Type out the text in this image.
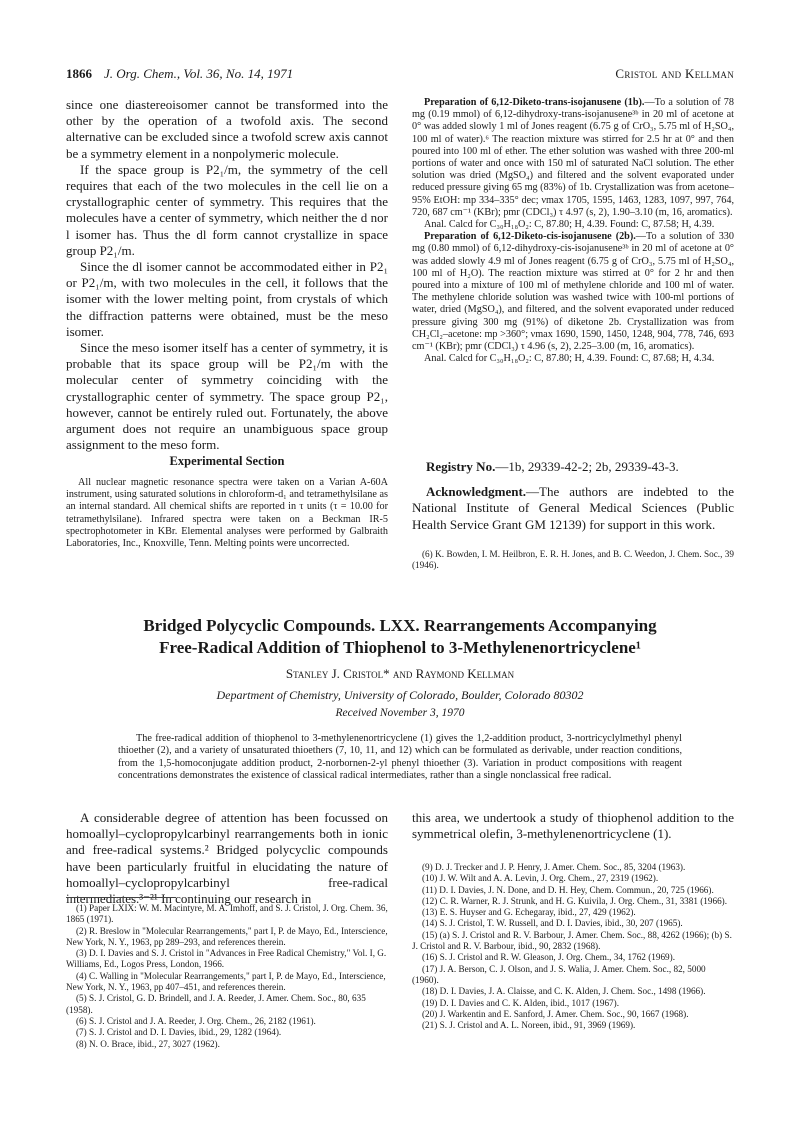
1866 J. Org. Chem., Vol. 36, No. 14, 1971	Cristol and Kellman

since one diastereoisomer cannot be transformed into the other by the operation of a twofold axis. The second alternative can be excluded since a twofold screw axis cannot be a symmetry element in a nonpolymeric molecule.

If the space group is P2₁/m, the symmetry of the cell requires that each of the two molecules in the cell lie on a crystallographic center of symmetry. This requires that the molecules have a center of symmetry, which neither the d nor l isomer has. Thus the dl form cannot crystallize in space group P2₁/m.

Since the dl isomer cannot be accommodated either in P2₁ or P2₁/m, with two molecules in the cell, it follows that the isomer with the lower melting point, from crystals of which the diffraction patterns were obtained, must be the meso isomer.

Since the meso isomer itself has a center of symmetry, it is probable that its space group will be P2₁/m with the molecular center of symmetry coinciding with the crystallographic center of symmetry. The space group P2₁, however, cannot be entirely ruled out. Fortunately, the above argument does not require an unambiguous space group assignment to the meso form.

Experimental Section

All nuclear magnetic resonance spectra were taken on a Varian A-60A instrument, using saturated solutions in chloroform-d₁ and tetramethylsilane as an internal standard. All chemical shifts are reported in τ units (τ = 10.00 for tetramethylsilane). Infrared spectra were taken on a Beckman IR-5 spectrophotometer in KBr. Elemental analyses were performed by Galbraith Laboratories, Inc., Knoxville, Tenn. Melting points were uncorrected.

Preparation of 6,12-Diketo-trans-isojanusene (1b).—To a solution of 78 mg (0.19 mmol) of 6,12-dihydroxy-trans-isojanusene³ᵇ in 20 ml of acetone at 0° was added slowly 1 ml of Jones reagent (6.75 g of CrO₃, 5.75 ml of H₂SO₄, 100 ml of water).⁶ The reaction mixture was stirred for 2.5 hr at 0° and then poured into 100 ml of ether. The ether solution was washed with three 200-ml portions of water and once with 150 ml of saturated NaCl solution. The ether solution was dried (MgSO₄) and filtered and the solvent evaporated under reduced pressure giving 65 mg (83%) of 1b. Crystallization was from acetone–95% EtOH: mp 334–335° dec; νmax 1705, 1595, 1463, 1283, 1097, 997, 764, 720, 687 cm⁻¹ (KBr); pmr (CDCl₃) τ 4.97 (s, 2), 1.90–3.10 (m, 16, aromatics).

Anal. Calcd for C₃₀H₁₈O₂: C, 87.80; H, 4.39. Found: C, 87.58; H, 4.39.

Preparation of 6,12-Diketo-cis-isojanusene (2b).—To a solution of 330 mg (0.80 mmol) of 6,12-dihydroxy-cis-isojanusene³ᵇ in 20 ml of acetone at 0° was added slowly 4.9 ml of Jones reagent (6.75 g of CrO₃, 5.75 ml of H₂SO₄, 100 ml of H₂O). The reaction mixture was stirred at 0° for 2 hr and then poured into a mixture of 100 ml of methylene chloride and 100 ml of water. The methylene chloride solution was washed twice with 100-ml portions of water, dried (MgSO₄), and filtered, and the solvent evaporated under reduced pressure giving 300 mg (91%) of diketone 2b. Crystallization was from CH₂Cl₂–acetone: mp >360°; νmax 1690, 1590, 1450, 1248, 904, 778, 746, 693 cm⁻¹ (KBr); pmr (CDCl₃) τ 4.96 (s, 2), 2.25–3.00 (m, 16, aromatics).

Anal. Calcd for C₃₀H₁₈O₂: C, 87.80; H, 4.39. Found: C, 87.68; H, 4.34.

Registry No.—1b, 29339-42-2; 2b, 29339-43-3.

Acknowledgment.—The authors are indebted to the National Institute of General Medical Sciences (Public Health Service Grant GM 12139) for support in this work.

(6) K. Bowden, I. M. Heilbron, E. R. H. Jones, and B. C. Weedon, J. Chem. Soc., 39 (1946).

Bridged Polycyclic Compounds. LXX. Rearrangements Accompanying
Free-Radical Addition of Thiophenol to 3-Methylenenortricyclene¹
Stanley J. Cristol* and Raymond Kellman
Department of Chemistry, University of Colorado, Boulder, Colorado 80302
Received November 3, 1970
The free-radical addition of thiophenol to 3-methylenenortricyclene (1) gives the 1,2-addition product, 3-nortricyclylmethyl phenyl thioether (2), and a variety of unsaturated thioethers (7, 10, 11, and 12) which can be formulated as derivable, under reaction conditions, from the 1,5-homoconjugate addition product, 2-norbornen-2-yl phenyl thioether (3). Variation in product compositions with reagent concentrations demonstrates the existence of classical radical intermediates, rather than a single nonclassical free radical.

A considerable degree of attention has been focussed on homoallyl–cyclopropylcarbinyl rearrangements both in ionic and free-radical systems.² Bridged polycyclic compounds have been particularly fruitful in elucidating the nature of homoallyl–cyclopropylcarbinyl free-radical intermediates.³⁻²¹ In continuing our research in

(1) Paper LXIX: W. M. Macintyre, M. A. Imhoff, and S. J. Cristol, J. Org. Chem. 36, 1865 (1971).

(2) R. Breslow in "Molecular Rearrangements," part I, P. de Mayo, Ed., Interscience, New York, N. Y., 1963, pp 289–293, and references therein.

(3) D. I. Davies and S. J. Cristol in "Advances in Free Radical Chemistry," Vol. I, G. Williams, Ed., Logos Press, London, 1966.

(4) C. Walling in "Molecular Rearrangements," part I, P. de Mayo, Ed., Interscience, New York, N. Y., 1963, pp 407–451, and references therein.

(5) S. J. Cristol, G. D. Brindell, and J. A. Reeder, J. Amer. Chem. Soc., 80, 635 (1958).

(6) S. J. Cristol and J. A. Reeder, J. Org. Chem., 26, 2182 (1961).

(7) S. J. Cristol and D. I. Davies, ibid., 29, 1282 (1964).

(8) N. O. Brace, ibid., 27, 3027 (1962).

this area, we undertook a study of thiophenol addition to the symmetrical olefin, 3-methylenenortricyclene (1).

(9) D. J. Trecker and J. P. Henry, J. Amer. Chem. Soc., 85, 3204 (1963).

(10) J. W. Wilt and A. A. Levin, J. Org. Chem., 27, 2319 (1962).

(11) D. I. Davies, J. N. Done, and D. H. Hey, Chem. Commun., 20, 725 (1966).

(12) C. R. Warner, R. J. Strunk, and H. G. Kuivila, J. Org. Chem., 31, 3381 (1966).

(13) E. S. Huyser and G. Echegaray, ibid., 27, 429 (1962).

(14) S. J. Cristol, T. W. Russell, and D. I. Davies, ibid., 30, 207 (1965).

(15) (a) S. J. Cristol and R. V. Barbour, J. Amer. Chem. Soc., 88, 4262 (1966); (b) S. J. Cristol and R. V. Barbour, ibid., 90, 2832 (1968).

(16) S. J. Cristol and R. W. Gleason, J. Org. Chem., 34, 1762 (1969).

(17) J. A. Berson, C. J. Olson, and J. S. Walia, J. Amer. Chem. Soc., 82, 5000 (1960).

(18) D. I. Davies, J. A. Claisse, and C. K. Alden, J. Chem. Soc., 1498 (1966).

(19) D. I. Davies and C. K. Alden, ibid., 1017 (1967).

(20) J. Warkentin and E. Sanford, J. Amer. Chem. Soc., 90, 1667 (1968).

(21) S. J. Cristol and A. L. Noreen, ibid., 91, 3969 (1969).
